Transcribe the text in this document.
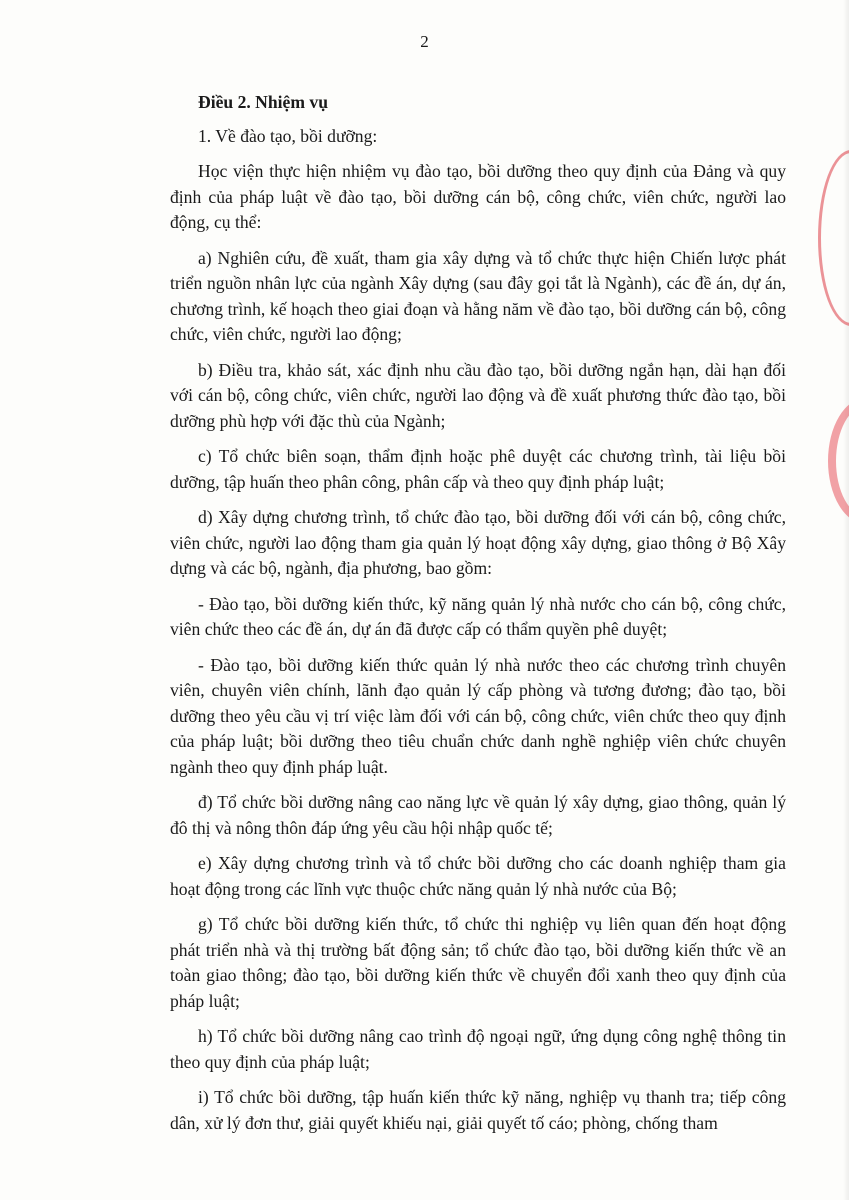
2

Điều 2. Nhiệm vụ

1. Về đào tạo, bồi dưỡng:

Học viện thực hiện nhiệm vụ đào tạo, bồi dưỡng theo quy định của Đảng và quy định của pháp luật về đào tạo, bồi dưỡng cán bộ, công chức, viên chức, người lao động, cụ thể:

a) Nghiên cứu, đề xuất, tham gia xây dựng và tổ chức thực hiện Chiến lược phát triển nguồn nhân lực của ngành Xây dựng (sau đây gọi tắt là Ngành), các đề án, dự án, chương trình, kế hoạch theo giai đoạn và hằng năm về đào tạo, bồi dưỡng cán bộ, công chức, viên chức, người lao động;

b) Điều tra, khảo sát, xác định nhu cầu đào tạo, bồi dưỡng ngắn hạn, dài hạn đối với cán bộ, công chức, viên chức, người lao động và đề xuất phương thức đào tạo, bồi dưỡng phù hợp với đặc thù của Ngành;

c) Tổ chức biên soạn, thẩm định hoặc phê duyệt các chương trình, tài liệu bồi dưỡng, tập huấn theo phân công, phân cấp và theo quy định pháp luật;

d) Xây dựng chương trình, tổ chức đào tạo, bồi dưỡng đối với cán bộ, công chức, viên chức, người lao động tham gia quản lý hoạt động xây dựng, giao thông ở Bộ Xây dựng và các bộ, ngành, địa phương, bao gồm:

- Đào tạo, bồi dưỡng kiến thức, kỹ năng quản lý nhà nước cho cán bộ, công chức, viên chức theo các đề án, dự án đã được cấp có thẩm quyền phê duyệt;

- Đào tạo, bồi dưỡng kiến thức quản lý nhà nước theo các chương trình chuyên viên, chuyên viên chính, lãnh đạo quản lý cấp phòng và tương đương; đào tạo, bồi dưỡng theo yêu cầu vị trí việc làm đối với cán bộ, công chức, viên chức theo quy định của pháp luật; bồi dưỡng theo tiêu chuẩn chức danh nghề nghiệp viên chức chuyên ngành theo quy định pháp luật.

đ) Tổ chức bồi dưỡng nâng cao năng lực về quản lý xây dựng, giao thông, quản lý đô thị và nông thôn đáp ứng yêu cầu hội nhập quốc tế;

e) Xây dựng chương trình và tổ chức bồi dưỡng cho các doanh nghiệp tham gia hoạt động trong các lĩnh vực thuộc chức năng quản lý nhà nước của Bộ;

g) Tổ chức bồi dưỡng kiến thức, tổ chức thi nghiệp vụ liên quan đến hoạt động phát triển nhà và thị trường bất động sản; tổ chức đào tạo, bồi dưỡng kiến thức về an toàn giao thông; đào tạo, bồi dưỡng kiến thức về chuyển đổi xanh theo quy định của pháp luật;

h) Tổ chức bồi dưỡng nâng cao trình độ ngoại ngữ, ứng dụng công nghệ thông tin theo quy định của pháp luật;

i) Tổ chức bồi dưỡng, tập huấn kiến thức kỹ năng, nghiệp vụ thanh tra; tiếp công dân, xử lý đơn thư, giải quyết khiếu nại, giải quyết tố cáo; phòng, chống tham
